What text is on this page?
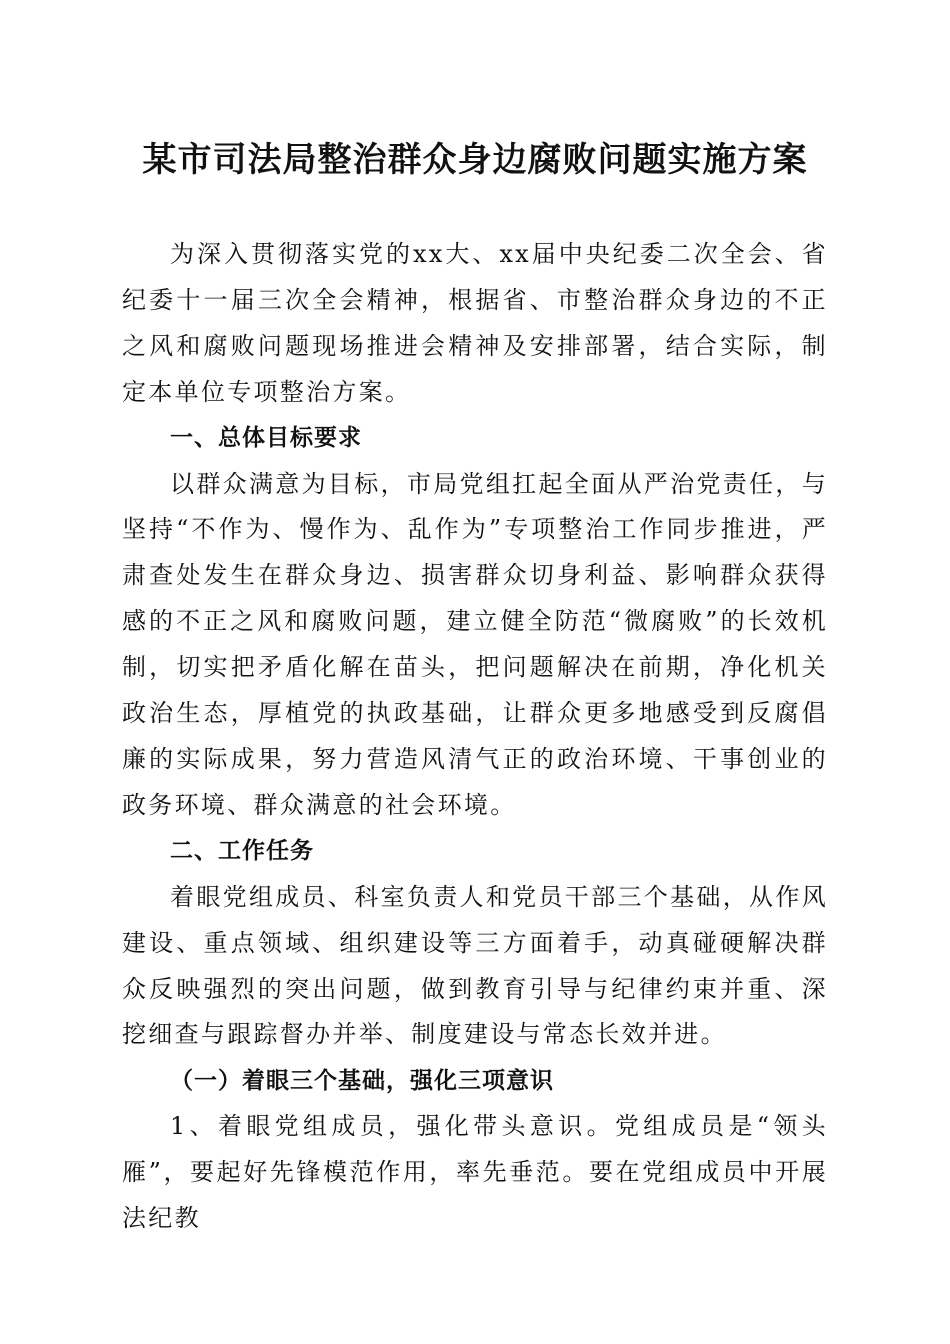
某市司法局整治群众身边腐败问题实施方案

为深入贯彻落实党的xx大、xx届中央纪委二次全会、省纪委十一届三次全会精神，根据省、市整治群众身边的不正之风和腐败问题现场推进会精神及安排部署，结合实际，制定本单位专项整治方案。

一、总体目标要求

以群众满意为目标，市局党组扛起全面从严治党责任，与坚持“不作为、慢作为、乱作为”专项整治工作同步推进，严肃查处发生在群众身边、损害群众切身利益、影响群众获得感的不正之风和腐败问题，建立健全防范“微腐败”的长效机制，切实把矛盾化解在苗头，把问题解决在前期，净化机关政治生态，厚植党的执政基础，让群众更多地感受到反腐倡廉的实际成果，努力营造风清气正的政治环境、干事创业的政务环境、群众满意的社会环境。

二、工作任务

着眼党组成员、科室负责人和党员干部三个基础，从作风建设、重点领域、组织建设等三方面着手，动真碰硬解决群众反映强烈的突出问题，做到教育引导与纪律约束并重、深挖细查与跟踪督办并举、制度建设与常态长效并进。

（一）着眼三个基础，强化三项意识

1、着眼党组成员，强化带头意识。党组成员是“领头雁”，要起好先锋模范作用，率先垂范。要在党组成员中开展法纪教
